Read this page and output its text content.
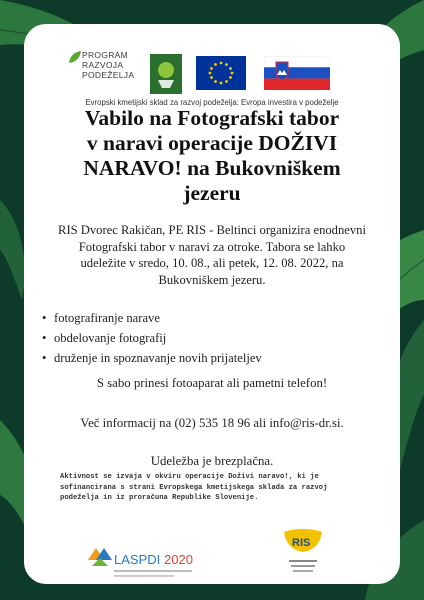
PROGRAM
RAZVOJA
PODEŽELJA
Evropski kmetijski sklad za razvoj podeželja: Evropa investira v podeželje
Vabilo na Fotografski tabor
v naravi operacije DOŽIVI
NARAVO! na Bukovniškem
jezeru
RIS Dvorec Rakičan, PE RIS - Beltinci organizira enodnevni
Fotografski tabor v naravi za otroke. Tabora se lahko
udeležite v sredo, 10. 08., ali petek, 12. 08. 2022, na
Bukovniškem jezeru.
• fotografiranje narave
• obdelovanje fotografij
• druženje in spoznavanje novih prijateljev
S sabo prinesi fotoaparat ali pametni telefon!
Več informacij na (02) 535 18 96 ali info@ris-dr.si.
Udeležba je brezplačna.
Aktivnost se izvaja v okviru operacije Doživi naravo!, ki je
sofinancirana s strani Evropskega kmetijskega sklada za razvoj
podeželja in iz proračuna Republike Slovenije.
LASPDI 2020
RIS
